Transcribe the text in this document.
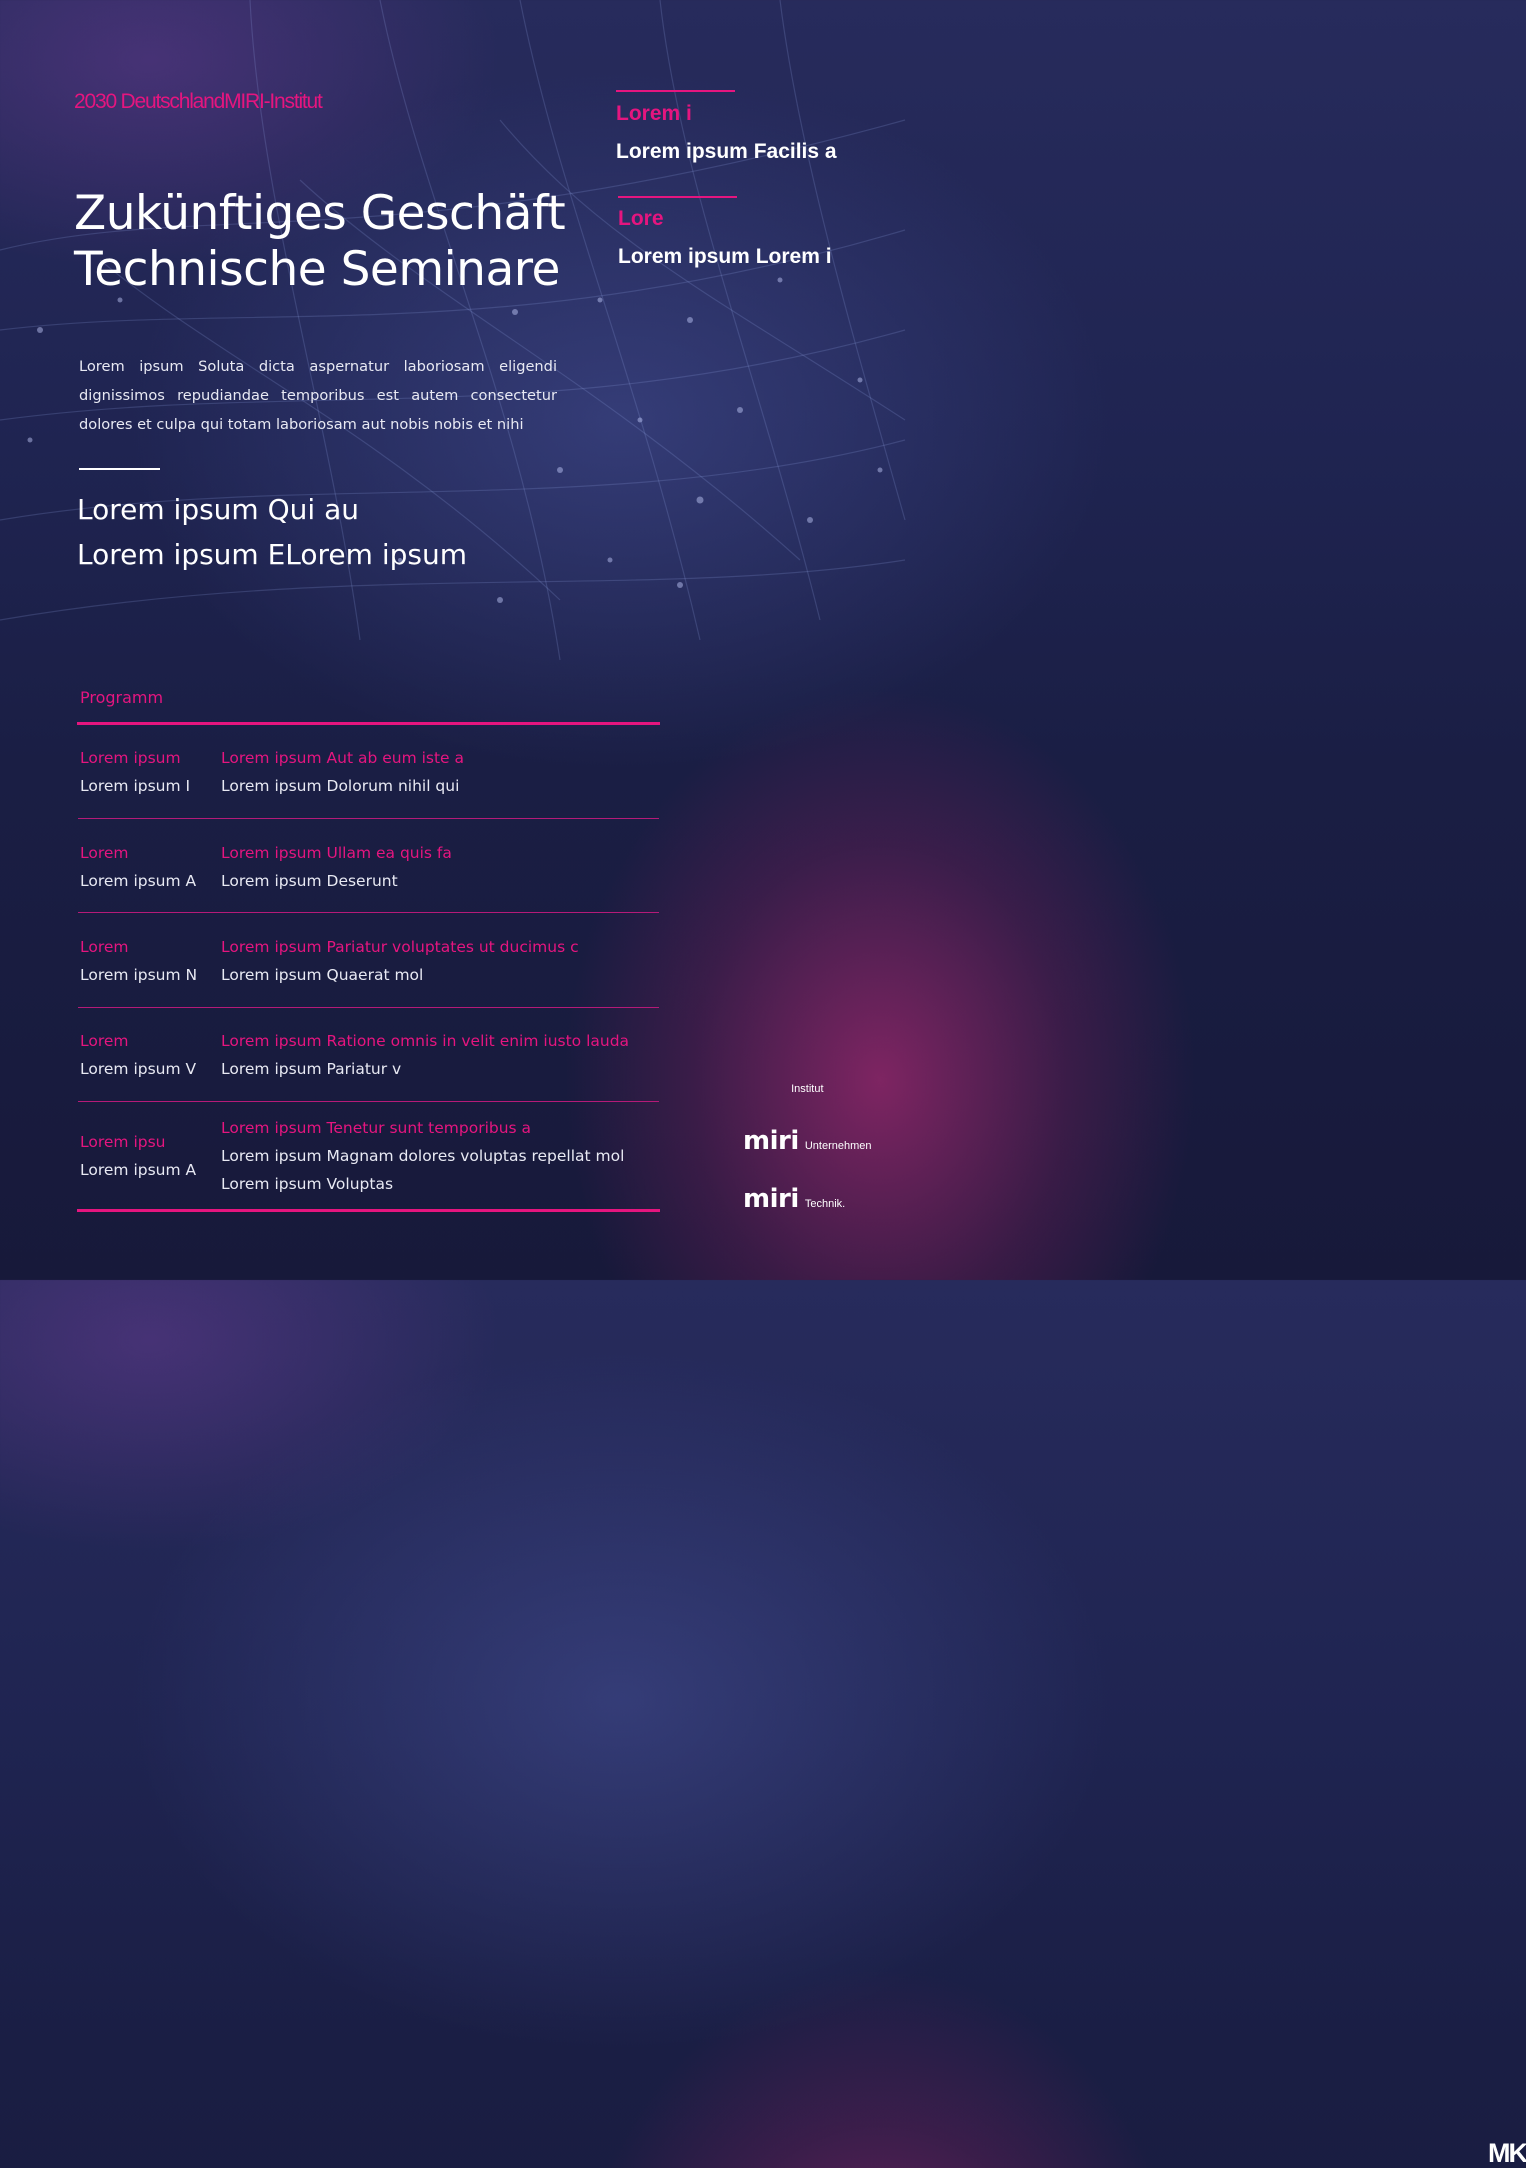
2030 DeutschlandMIRI-Institut
Zukünftiges Geschäft
Technische Seminare
Lorem ipsum Soluta dicta aspernatur laboriosam eligendi dignissimos repudiandae temporibus est autem consectetur dolores et culpa qui totam laboriosam aut nobis nobis et nihi
Lorem ipsum Qui au
Lorem ipsum ELorem ipsum
Lorem i
Lorem ipsum Facilis a
Lore
Lorem ipsum Lorem i
Programm
Lorem ipsum
Lorem ipsum I
Lorem ipsum Aut ab eum iste a
Lorem ipsum Dolorum nihil qui
Lorem
Lorem ipsum A
Lorem ipsum Ullam ea quis fa
Lorem ipsum Deserunt
Lorem
Lorem ipsum N
Lorem ipsum Pariatur voluptates ut ducimus c
Lorem ipsum Quaerat mol
Lorem
Lorem ipsum V
Lorem ipsum Ratione omnis in velit enim iusto lauda
Lorem ipsum Pariatur v
Lorem ipsu
Lorem ipsum A
Lorem ipsum Tenetur sunt temporibus a
Lorem ipsum Magnam dolores voluptas repellat mol
Lorem ipsum Voluptas
MK Institut
miri Unternehmen
miri Technik.
